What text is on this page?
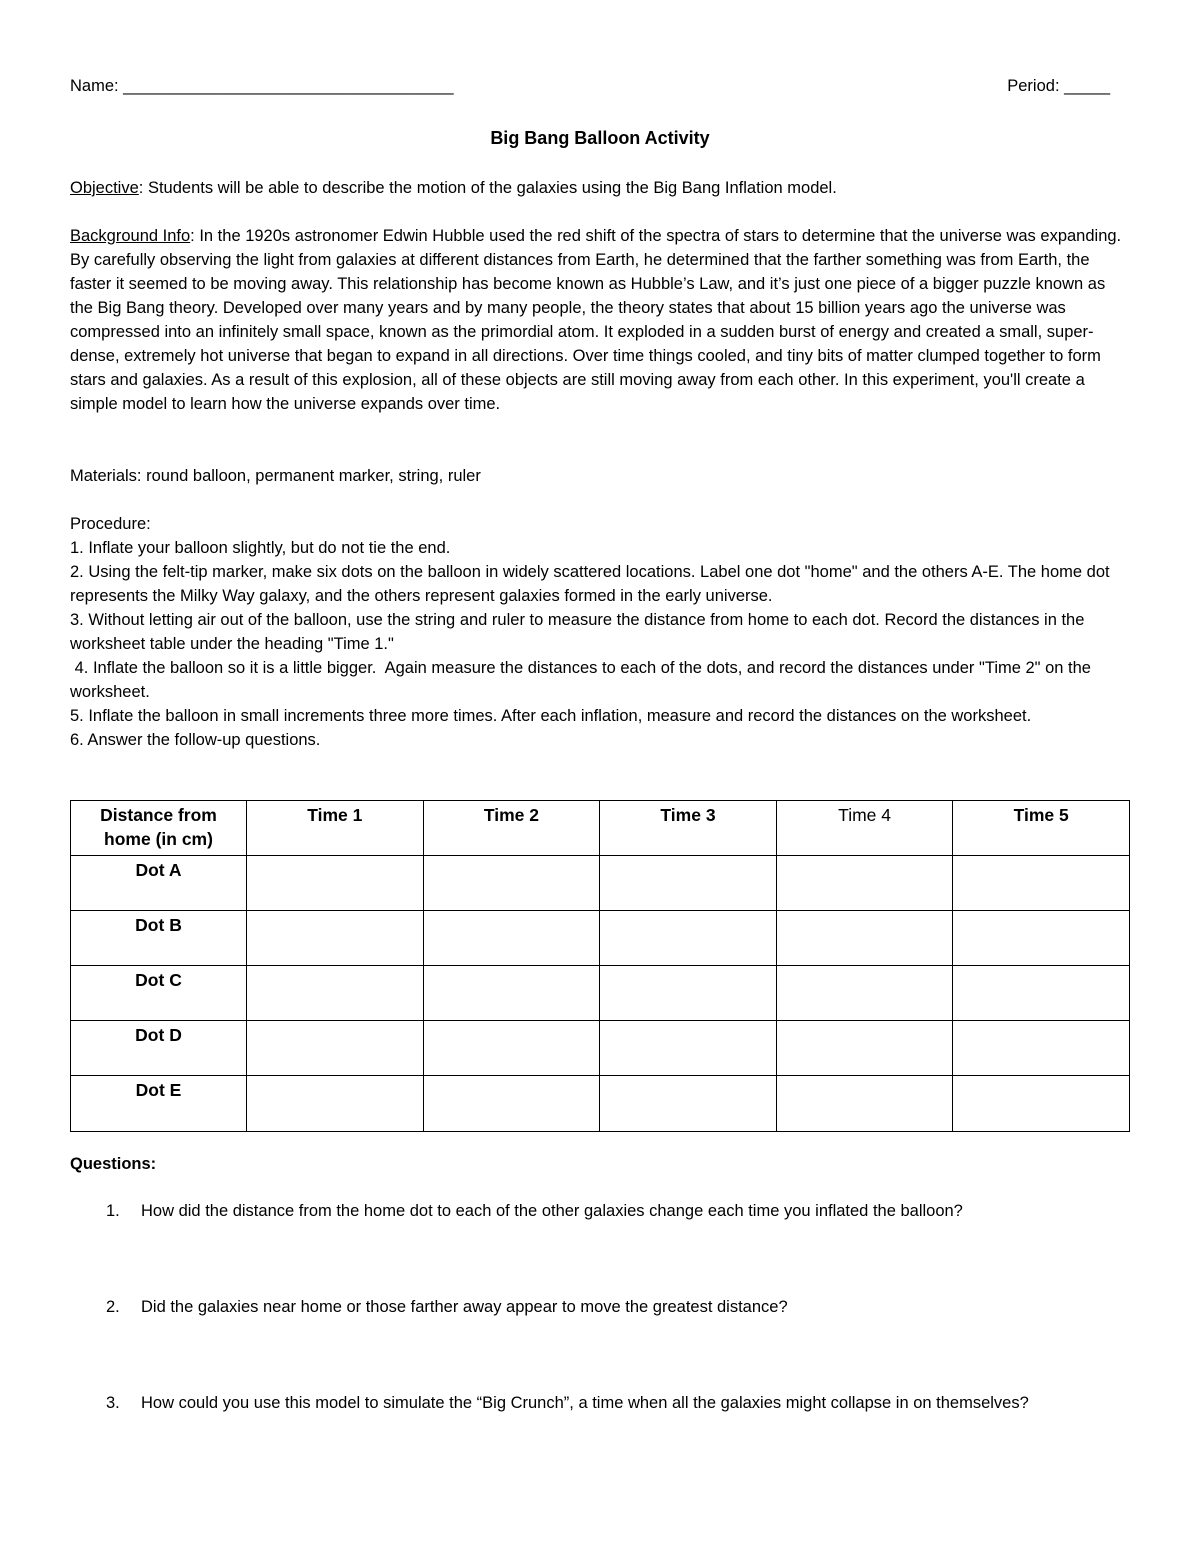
Name: ____________________________________	Period: _____
Big Bang Balloon Activity
Objective: Students will be able to describe the motion of the galaxies using the Big Bang Inflation model.
Background Info: In the 1920s astronomer Edwin Hubble used the red shift of the spectra of stars to determine that the universe was expanding. By carefully observing the light from galaxies at different distances from Earth, he determined that the farther something was from Earth, the faster it seemed to be moving away. This relationship has become known as Hubble’s Law, and it’s just one piece of a bigger puzzle known as the Big Bang theory. Developed over many years and by many people, the theory states that about 15 billion years ago the universe was compressed into an infinitely small space, known as the primordial atom. It exploded in a sudden burst of energy and created a small, super-dense, extremely hot universe that began to expand in all directions. Over time things cooled, and tiny bits of matter clumped together to form stars and galaxies. As a result of this explosion, all of these objects are still moving away from each other. In this experiment, you'll create a simple model to learn how the universe expands over time.
Materials: round balloon, permanent marker, string, ruler
Procedure:
1. Inflate your balloon slightly, but do not tie the end.
2. Using the felt-tip marker, make six dots on the balloon in widely scattered locations. Label one dot "home" and the others A-E. The home dot represents the Milky Way galaxy, and the others represent galaxies formed in the early universe.
3. Without letting air out of the balloon, use the string and ruler to measure the distance from home to each dot. Record the distances in the worksheet table under the heading "Time 1."
4. Inflate the balloon so it is a little bigger.  Again measure the distances to each of the dots, and record the distances under "Time 2" on the worksheet.
5. Inflate the balloon in small increments three more times. After each inflation, measure and record the distances on the worksheet.
6. Answer the follow-up questions.
Distance from home (in cm)	Time 1	Time 2	Time 3	Time 4	Time 5
Dot A					
Dot B					
Dot C					
Dot D					
Dot E					
Questions:
1. How did the distance from the home dot to each of the other galaxies change each time you inflated the balloon?
2. Did the galaxies near home or those farther away appear to move the greatest distance?
3. How could you use this model to simulate the “Big Crunch”, a time when all the galaxies might collapse in on themselves?
